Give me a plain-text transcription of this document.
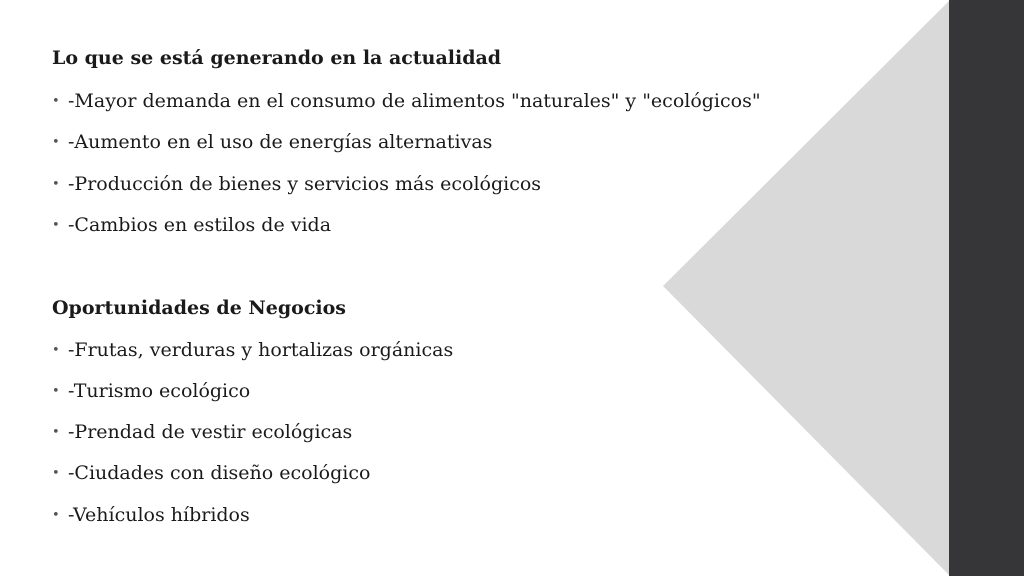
Lo que se está generando en la actualidad
• -Mayor demanda en el consumo de alimentos "naturales" y "ecológicos"
• -Aumento en el uso de energías alternativas
• -Producción de bienes y servicios más ecológicos
• -Cambios en estilos de vida
Oportunidades de Negocios
• -Frutas, verduras y hortalizas orgánicas
• -Turismo ecológico
• -Prendad de vestir ecológicas
• -Ciudades con diseño ecológico
• -Vehículos híbridos
